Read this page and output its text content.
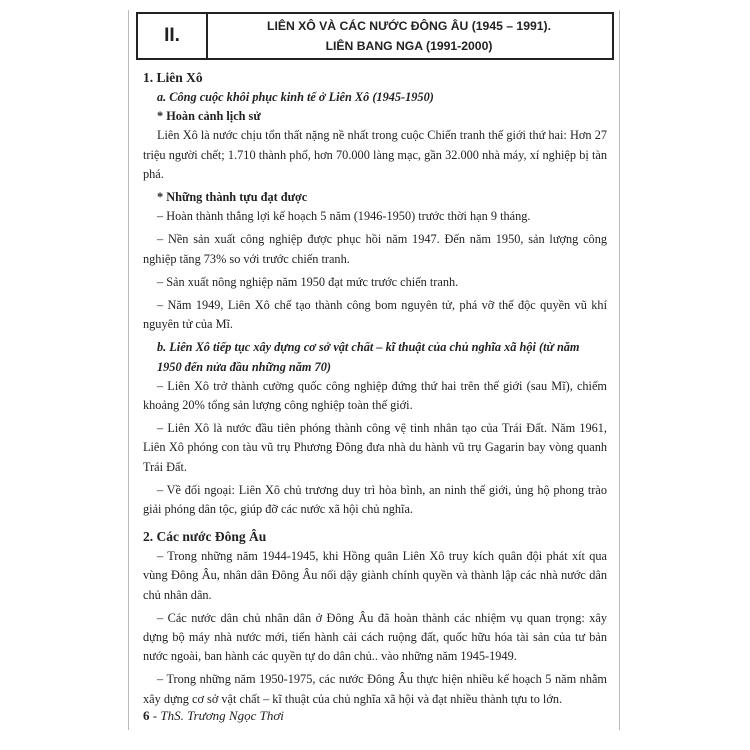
II.	LIÊN XÔ VÀ CÁC NƯỚC ĐÔNG ÂU (1945 – 1991).
LIÊN BANG NGA (1991-2000)

1. Liên Xô

a. Công cuộc khôi phục kinh tế ở Liên Xô (1945-1950)

* Hoàn cảnh lịch sử

Liên Xô là nước chịu tổn thất nặng nề nhất trong cuộc Chiến tranh thế giới thứ hai: Hơn 27 triệu người chết; 1.710 thành phố, hơn 70.000 làng mạc, gần 32.000 nhà máy, xí nghiệp bị tàn phá.

* Những thành tựu đạt được

– Hoàn thành thắng lợi kế hoạch 5 năm (1946-1950) trước thời hạn 9 tháng.

– Nền sản xuất công nghiệp được phục hồi năm 1947. Đến năm 1950, sản lượng công nghiệp tăng 73% so với trước chiến tranh.

– Sản xuất nông nghiệp năm 1950 đạt mức trước chiến tranh.

– Năm 1949, Liên Xô chế tạo thành công bom nguyên tử, phá vỡ thế độc quyền vũ khí nguyên tử của Mĩ.

b. Liên Xô tiếp tục xây dựng cơ sở vật chất – kĩ thuật của chủ nghĩa xã hội (từ năm 1950 đến nửa đầu những năm 70)

– Liên Xô trở thành cường quốc công nghiệp đứng thứ hai trên thế giới (sau Mĩ), chiếm khoảng 20% tổng sản lượng công nghiệp toàn thế giới.

– Liên Xô là nước đầu tiên phóng thành công vệ tinh nhân tạo của Trái Đất. Năm 1961, Liên Xô phóng con tàu vũ trụ Phương Đông đưa nhà du hành vũ trụ Gagarin bay vòng quanh Trái Đất.

– Về đối ngoại: Liên Xô chủ trương duy trì hòa bình, an ninh thế giới, ủng hộ phong trào giải phóng dân tộc, giúp đỡ các nước xã hội chủ nghĩa.

2. Các nước Đông Âu

– Trong những năm 1944-1945, khi Hồng quân Liên Xô truy kích quân đội phát xít qua vùng Đông Âu, nhân dân Đông Âu nổi dậy giành chính quyền và thành lập các nhà nước dân chủ nhân dân.

– Các nước dân chủ nhân dân ở Đông Âu đã hoàn thành các nhiệm vụ quan trọng: xây dựng bộ máy nhà nước mới, tiến hành cải cách ruộng đất, quốc hữu hóa tài sản của tư bản nước ngoài, ban hành các quyền tự do dân chủ.. vào những năm 1945-1949.

– Trong những năm 1950-1975, các nước Đông Âu thực hiện nhiều kế hoạch 5 năm nhằm xây dựng cơ sở vật chất – kĩ thuật của chủ nghĩa xã hội và đạt nhiều thành tựu to lớn.

6 - ThS. Trương Ngọc Thơi
